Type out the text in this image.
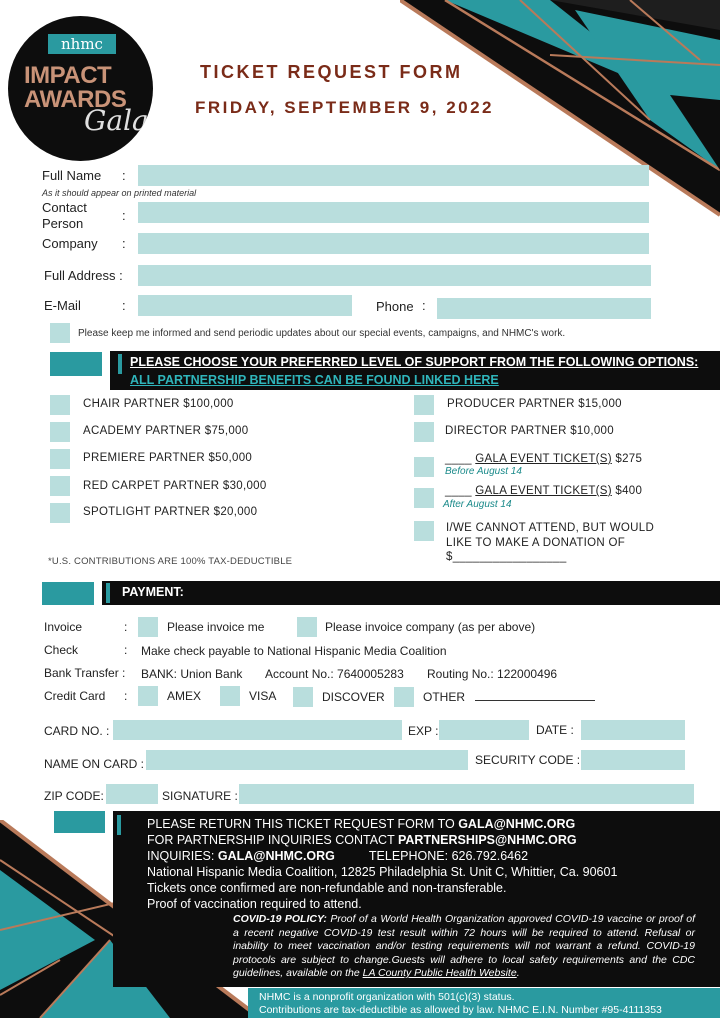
nhmc
IMPACT
AWARDS
Gala
TICKET REQUEST FORM
FRIDAY, SEPTEMBER 9, 2022
Full Name :
As it should appear on printed material
Contact
Person
:
Company :
Full Address :
E-Mail	:	Phone :
Please keep me informed and send periodic updates about our special events, campaigns, and NHMC's work.
PLEASE CHOOSE YOUR PREFERRED LEVEL OF SUPPORT FROM THE FOLLOWING OPTIONS:
ALL PARTNERSHIP BENEFITS CAN BE FOUND LINKED HERE
CHAIR PARTNER $100,000
ACADEMY PARTNER $75,000
PREMIERE PARTNER $50,000
RED CARPET PARTNER $30,000
SPOTLIGHT PARTNER $20,000
*U.S. CONTRIBUTIONS ARE 100% TAX-DEDUCTIBLE
PRODUCER PARTNER $15,000
DIRECTOR PARTNER $10,000
____ GALA EVENT TICKET(S) $275
Before August 14
____ GALA EVENT TICKET(S) $400
After August 14
I/WE CANNOT ATTEND, BUT WOULD
LIKE TO MAKE A DONATION OF
$_________________
PAYMENT:
Invoice	:	Please invoice me	Please invoice company (as per above)
Check	: Make check payable to National Hispanic Media Coalition
Bank Transfer : BANK: Union Bank Account No.: 7640005283 Routing No.: 122000496
Credit Card :	AMEX	VISA	DISCOVER	OTHER
CARD NO. :	EXP :	DATE :
NAME ON CARD :	SECURITY CODE :
ZIP CODE:	SIGNATURE :
PLEASE RETURN THIS TICKET REQUEST FORM TO GALA@NHMC.ORG
FOR PARTNERSHIP INQUIRIES CONTACT PARTNERSHIPS@NHMC.ORG
INQUIRIES: GALA@NHMC.ORG	TELEPHONE: 626.792.6462
National Hispanic Media Coalition, 12825 Philadelphia St. Unit C, Whittier, Ca. 90601
Tickets once confirmed are non-refundable and non-transferable.
Proof of vaccination required to attend.
COVID-19 POLICY: Proof of a World Health Organization approved COVID-19 vaccine or proof of a recent negative COVID-19 test result within 72 hours will be required to attend. Refusal or inability to meet vaccination and/or testing requirements will not warrant a refund. COVID-19 protocols are subject to change.Guests will adhere to local safety requirements and the CDC guidelines, available on the LA County Public Health Website.
NHMC is a nonprofit organization with 501(c)(3) status.
Contributions are tax-deductible as allowed by law. NHMC E.I.N. Number #95-4111353
